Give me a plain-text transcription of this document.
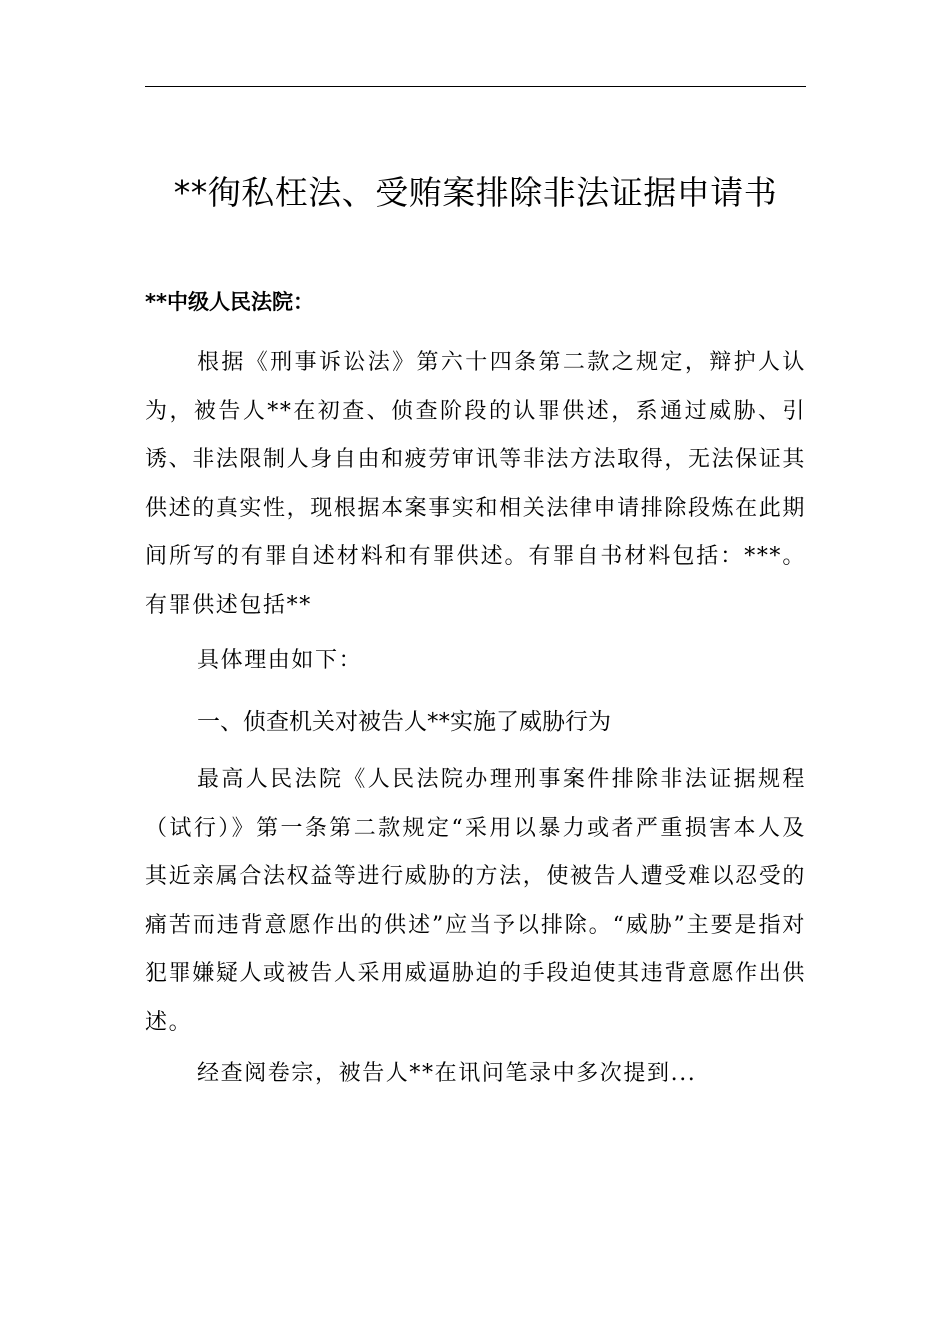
**徇私枉法、受贿案排除非法证据申请书

**中级人民法院：

根据《刑事诉讼法》第六十四条第二款之规定，辩护人认为，被告人**在初查、侦查阶段的认罪供述，系通过威胁、引诱、非法限制人身自由和疲劳审讯等非法方法取得，无法保证其供述的真实性，现根据本案事实和相关法律申请排除段炼在此期间所写的有罪自述材料和有罪供述。有罪自书材料包括：***。有罪供述包括**

具体理由如下：

一、侦查机关对被告人**实施了威胁行为

最高人民法院《人民法院办理刑事案件排除非法证据规程（试行）》第一条第二款规定“采用以暴力或者严重损害本人及其近亲属合法权益等进行威胁的方法，使被告人遭受难以忍受的痛苦而违背意愿作出的供述”应当予以排除。“威胁”主要是指对犯罪嫌疑人或被告人采用威逼胁迫的手段迫使其违背意愿作出供述。

经查阅卷宗，被告人**在讯问笔录中多次提到...
